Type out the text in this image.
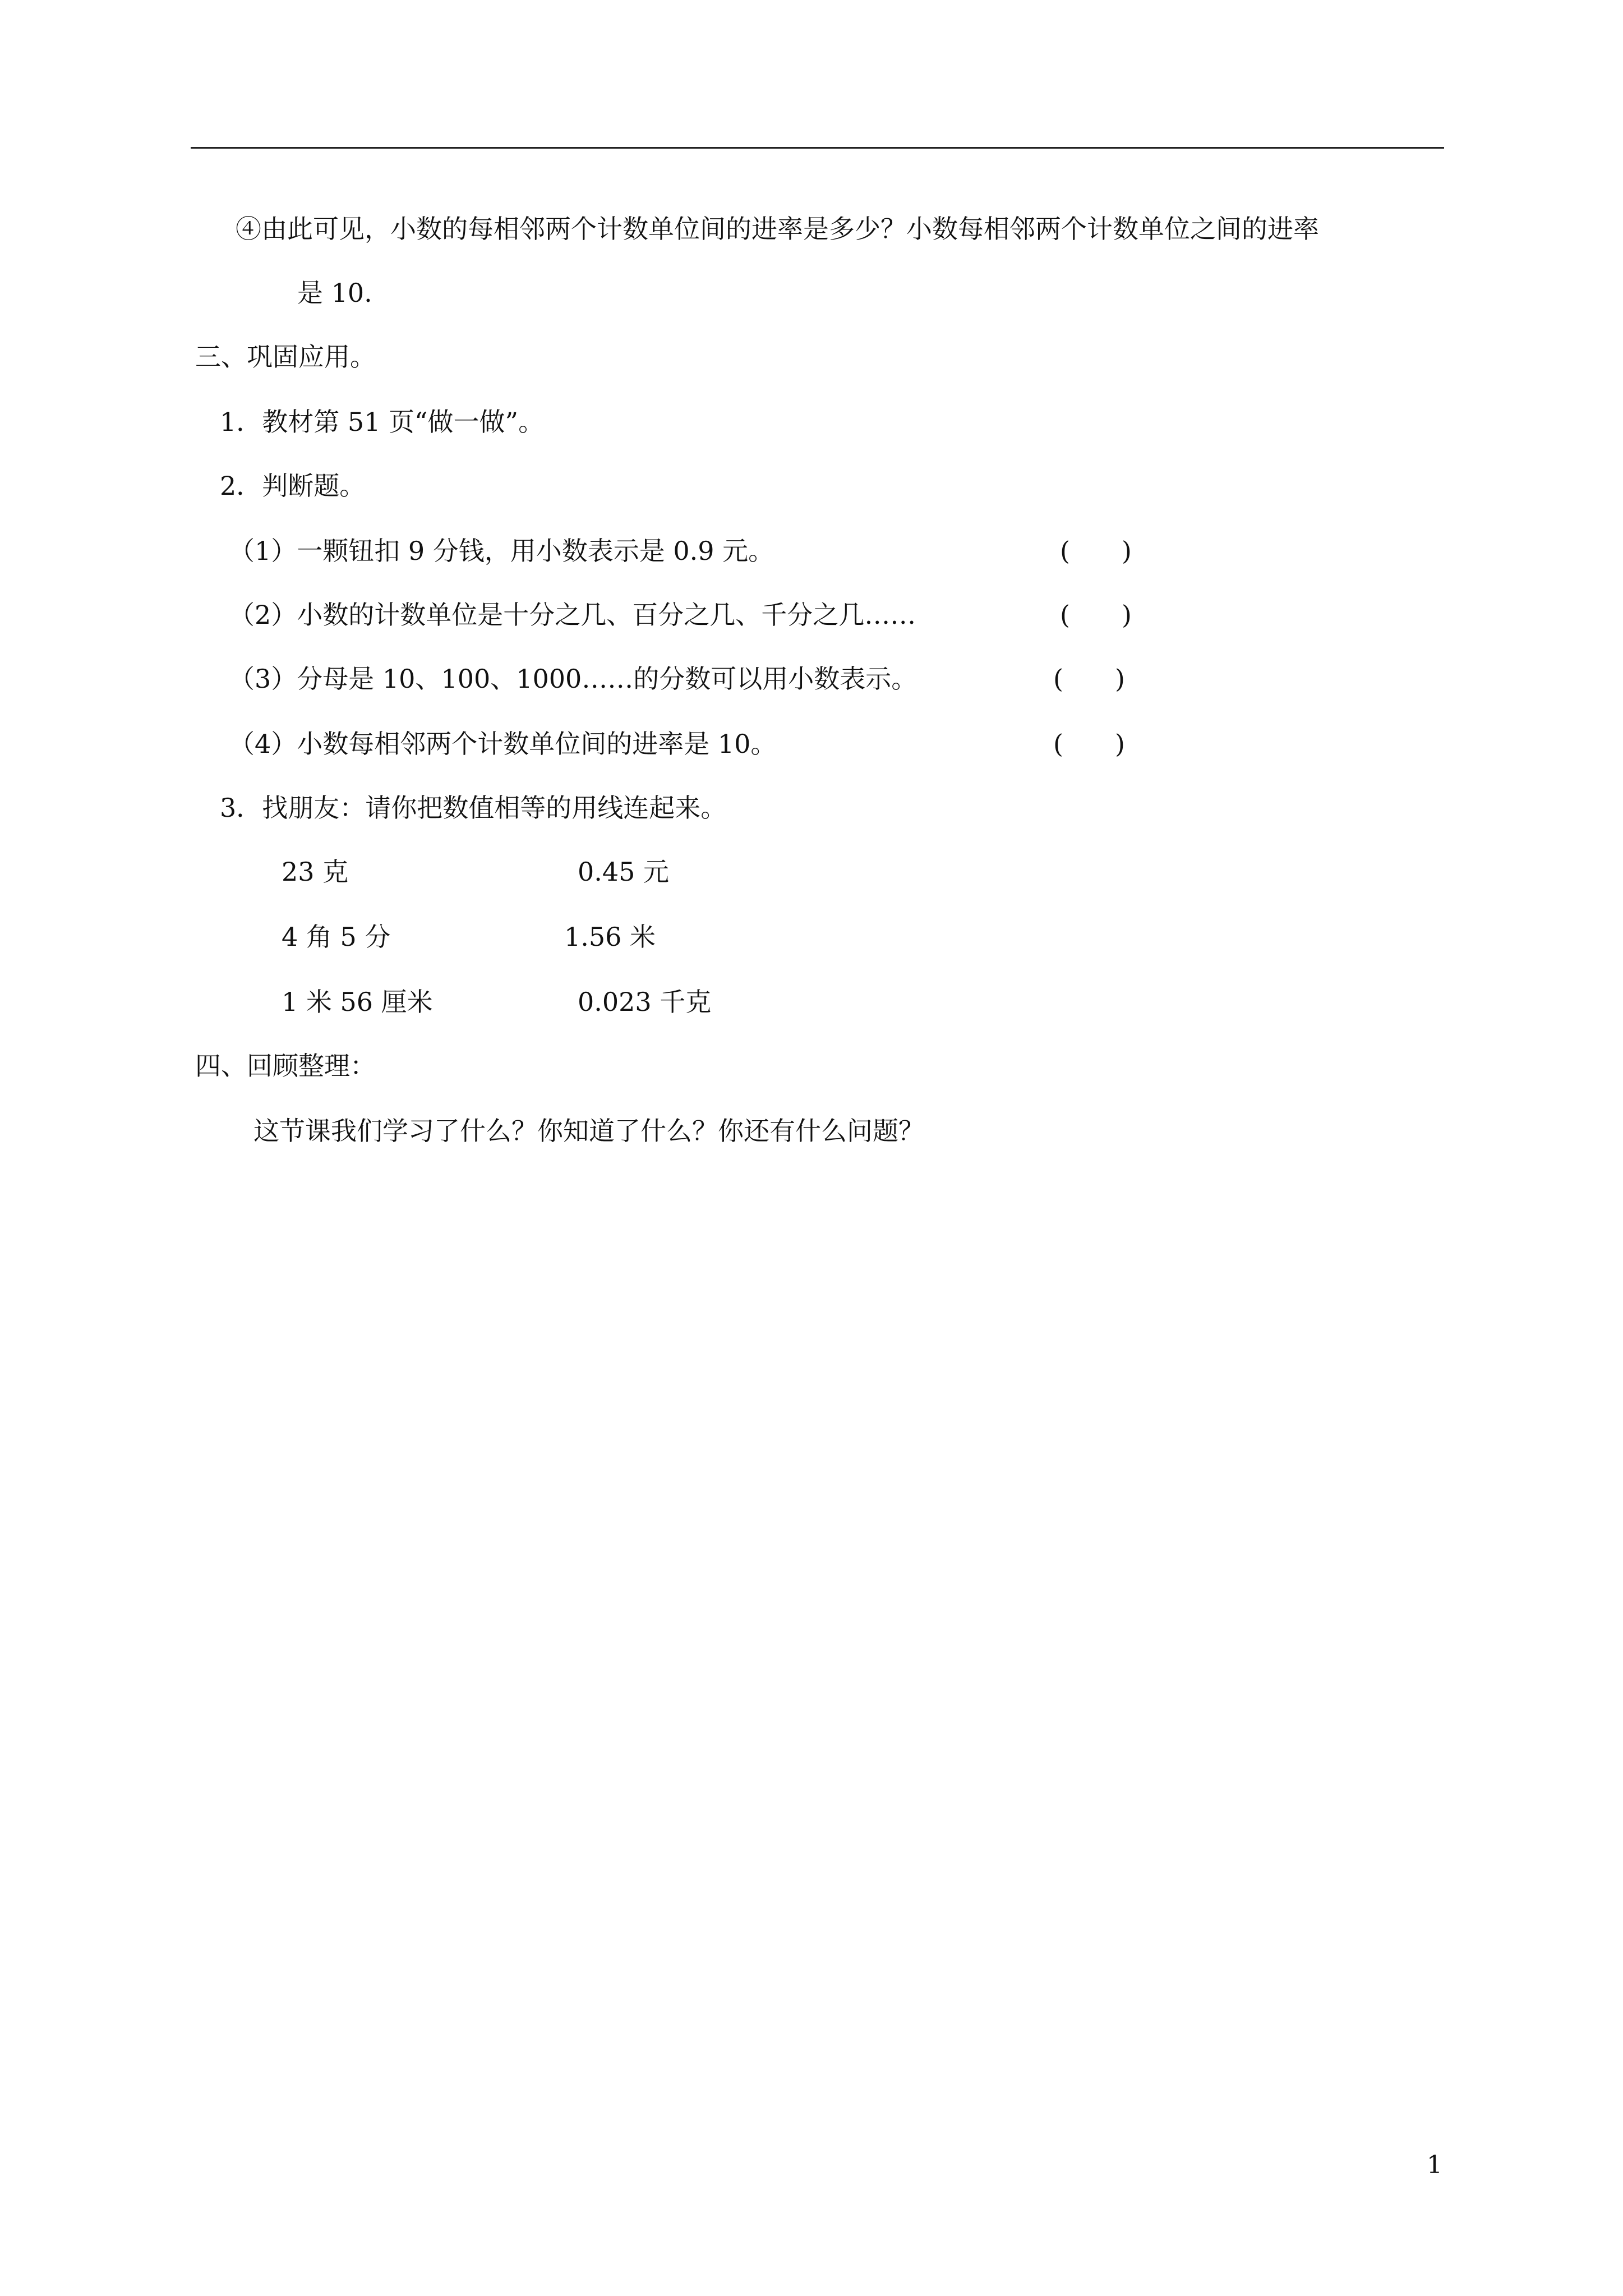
④由此可见，小数的每相邻两个计数单位间的进率是多少？小数每相邻两个计数单位之间的进率
是 10.
三、巩固应用。
1．教材第 51 页“做一做”。
2．判断题。
（1）一颗钮扣 9 分钱，用小数表示是 0.9 元。	(　　)
（2）小数的计数单位是十分之几、百分之几、千分之几……	(　　)
（3）分母是 10、100、1000……的分数可以用小数表示。	(　　)
（4）小数每相邻两个计数单位间的进率是 10。	(　　)
3．找朋友：请你把数值相等的用线连起来。
23 克	0.45 元
4 角 5 分	1.56 米
1 米 56 厘米	0.023 千克
四、回顾整理：
这节课我们学习了什么？你知道了什么？你还有什么问题？
1
